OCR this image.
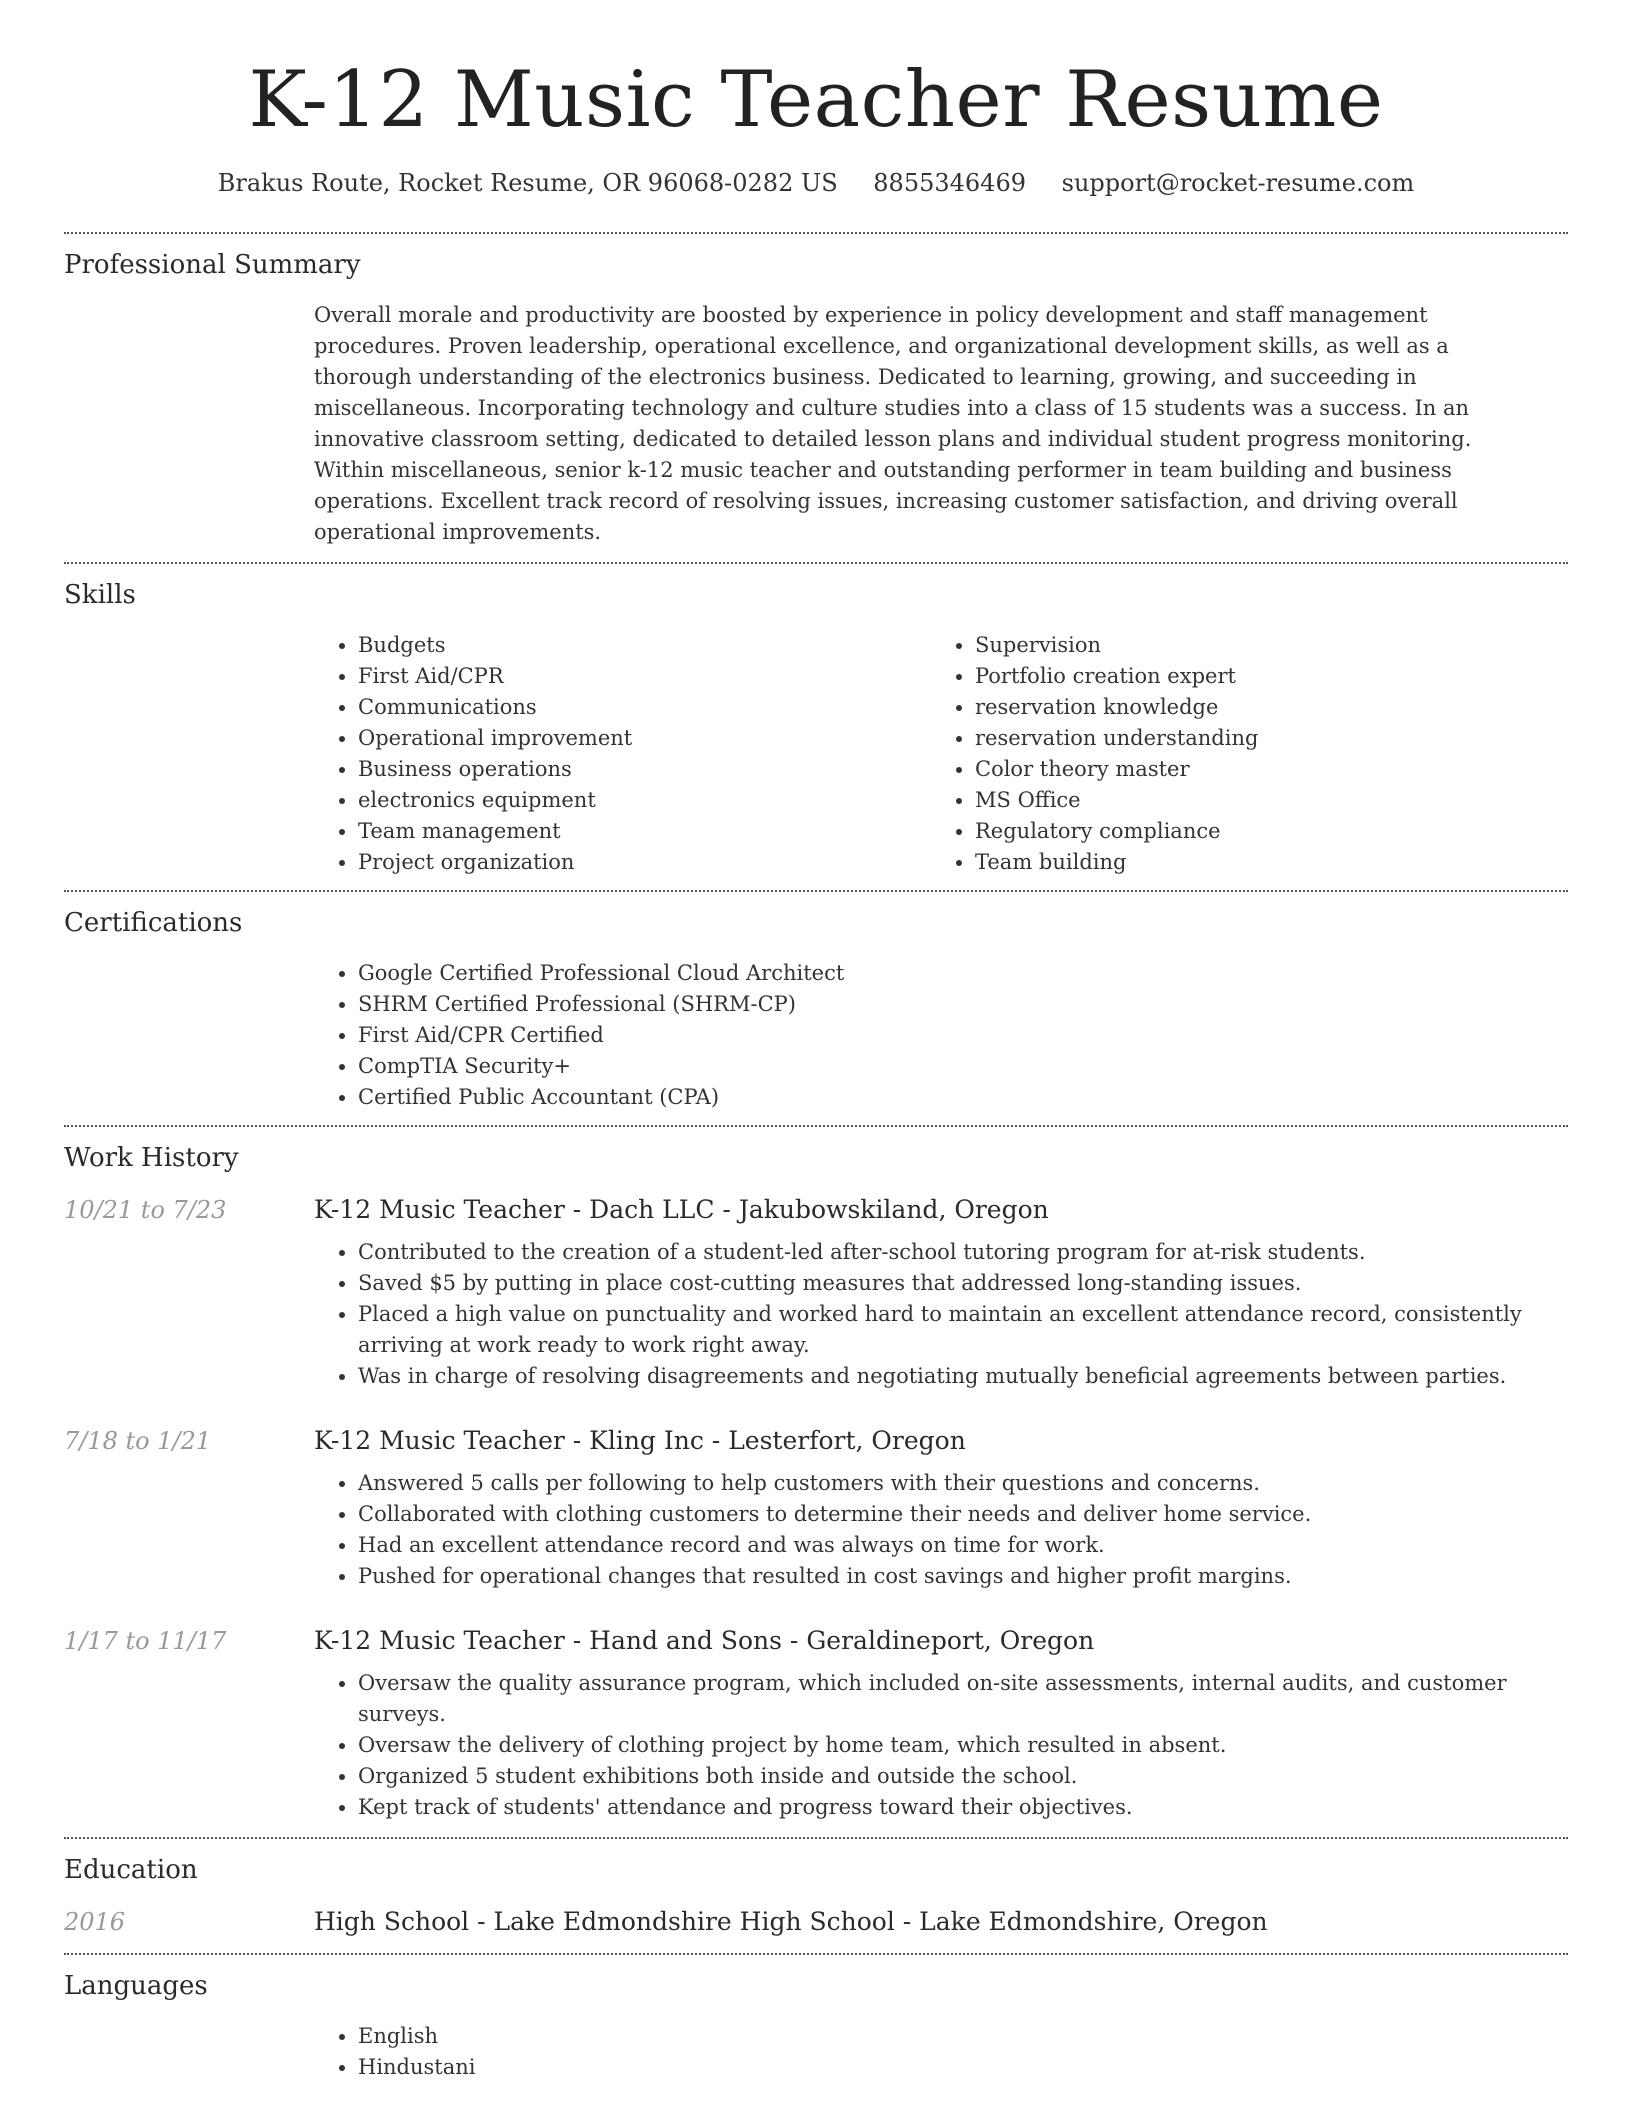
K-12 Music Teacher Resume
Brakus Route, Rocket Resume, OR 96068-0282 US 8855346469 support@rocket-resume.com
Professional Summary
Overall morale and productivity are boosted by experience in policy development and staff management procedures. Proven leadership, operational excellence, and organizational development skills, as well as a thorough understanding of the electronics business. Dedicated to learning, growing, and succeeding in miscellaneous. Incorporating technology and culture studies into a class of 15 students was a success. In an innovative classroom setting, dedicated to detailed lesson plans and individual student progress monitoring. Within miscellaneous, senior k-12 music teacher and outstanding performer in team building and business operations. Excellent track record of resolving issues, increasing customer satisfaction, and driving overall operational improvements.
Skills
• Budgets
• First Aid/CPR
• Communications
• Operational improvement
• Business operations
• electronics equipment
• Team management
• Project organization
• Supervision
• Portfolio creation expert
• reservation knowledge
• reservation understanding
• Color theory master
• MS Office
• Regulatory compliance
• Team building
Certifications
• Google Certified Professional Cloud Architect
• SHRM Certified Professional (SHRM-CP)
• First Aid/CPR Certified
• CompTIA Security+
• Certified Public Accountant (CPA)
Work History
10/21 to 7/23	K-12 Music Teacher - Dach LLC - Jakubowskiland, Oregon
• Contributed to the creation of a student-led after-school tutoring program for at-risk students.
• Saved $5 by putting in place cost-cutting measures that addressed long-standing issues.
• Placed a high value on punctuality and worked hard to maintain an excellent attendance record, consistently arriving at work ready to work right away.
• Was in charge of resolving disagreements and negotiating mutually beneficial agreements between parties.
7/18 to 1/21	K-12 Music Teacher - Kling Inc - Lesterfort, Oregon
• Answered 5 calls per following to help customers with their questions and concerns.
• Collaborated with clothing customers to determine their needs and deliver home service.
• Had an excellent attendance record and was always on time for work.
• Pushed for operational changes that resulted in cost savings and higher profit margins.
1/17 to 11/17	K-12 Music Teacher - Hand and Sons - Geraldineport, Oregon
• Oversaw the quality assurance program, which included on-site assessments, internal audits, and customer surveys.
• Oversaw the delivery of clothing project by home team, which resulted in absent.
• Organized 5 student exhibitions both inside and outside the school.
• Kept track of students' attendance and progress toward their objectives.
Education
2016	High School - Lake Edmondshire High School - Lake Edmondshire, Oregon
Languages
• English
• Hindustani
